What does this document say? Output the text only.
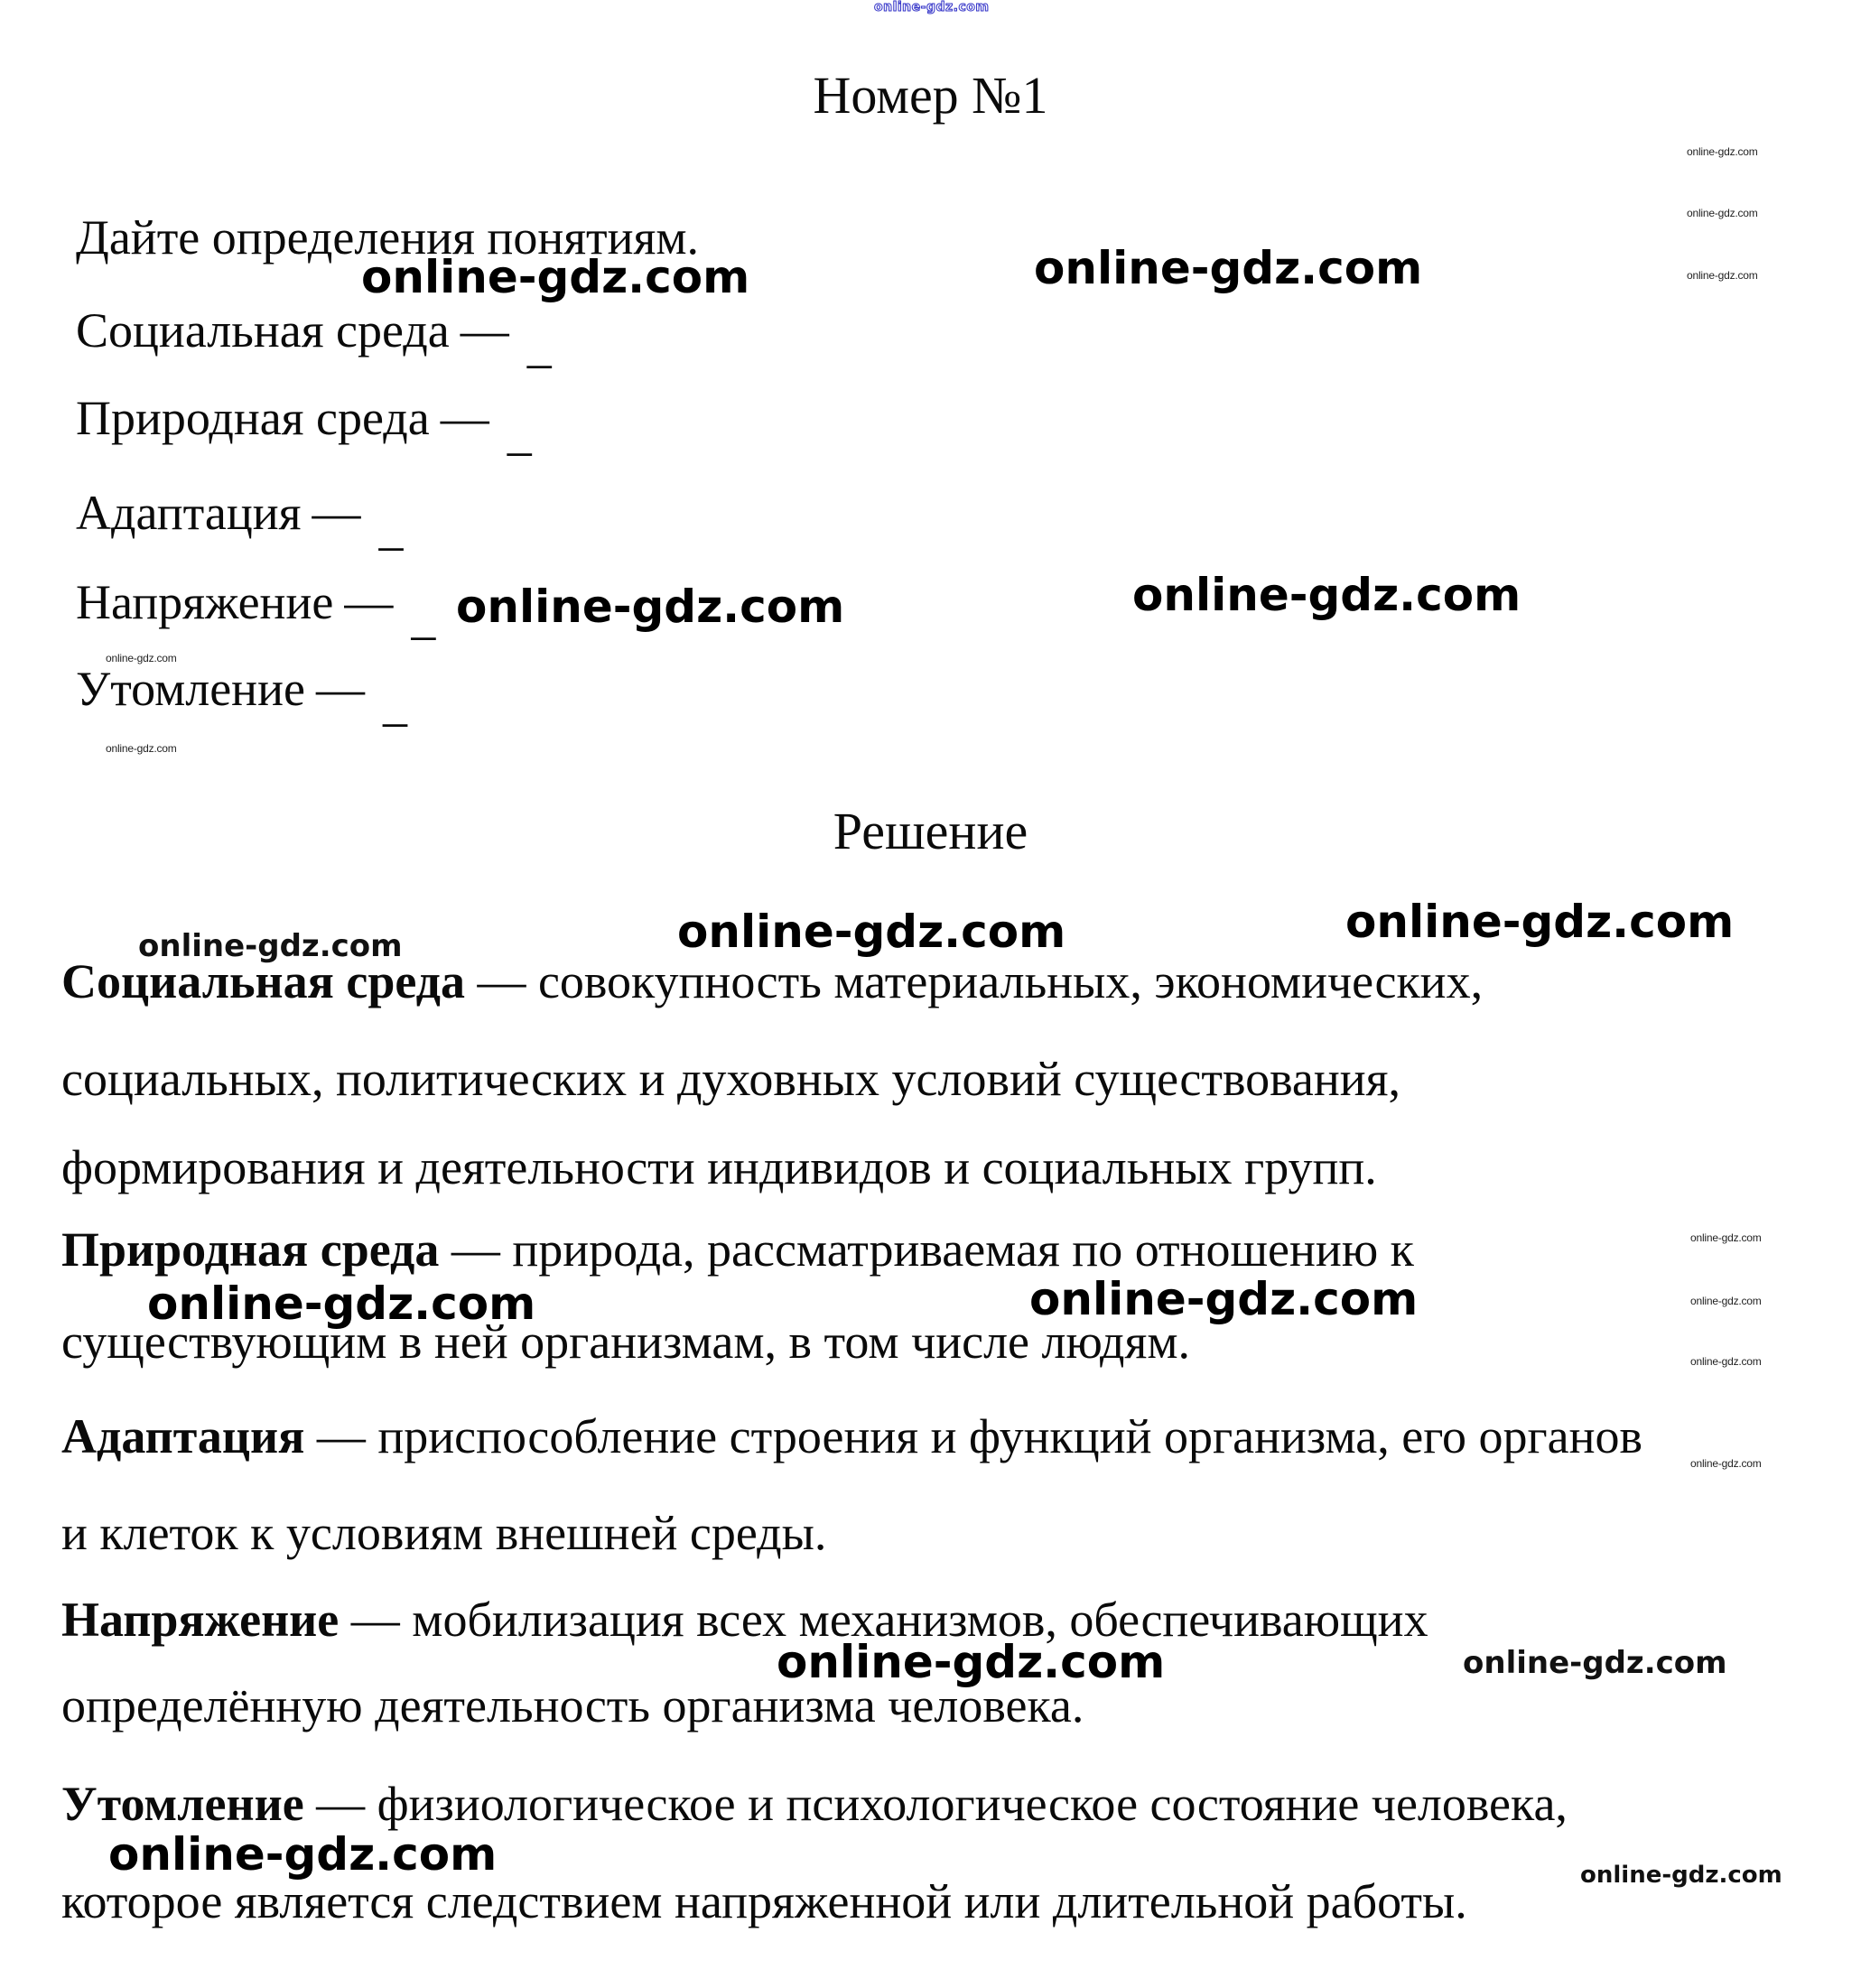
Номер №1
Дайте определения понятиям.
Социальная среда — _
Природная среда — _
Адаптация — _
Напряжение — _
Утомление — _
Решение
Социальная среда — совокупность материальных, экономических,
социальных, политических и духовных условий существования,
формирования и деятельности индивидов и социальных групп.
Природная среда — природа, рассматриваемая по отношению к
существующим в ней организмам, в том числе людям.
Адаптация — приспособление строения и функций организма, его органов
и клеток к условиям внешней среды.
Напряжение — мобилизация всех механизмов, обеспечивающих
определённую деятельность организма человека.
Утомление — физиологическое и психологическое состояние человека,
которое является следствием напряженной или длительной работы.
online-gdz.com
online-gdz.com
online-gdz.com
online-gdz.com
online-gdz.com	online-gdz.com
online-gdz.com	online-gdz.com
online-gdz.com
online-gdz.com
online-gdz.com	online-gdz.com
online-gdz.com
online-gdz.com	online-gdz.com
online-gdz.com
online-gdz.com
online-gdz.com
online-gdz.com
online-gdz.com	online-gdz.com
online-gdz.com	online-gdz.com
